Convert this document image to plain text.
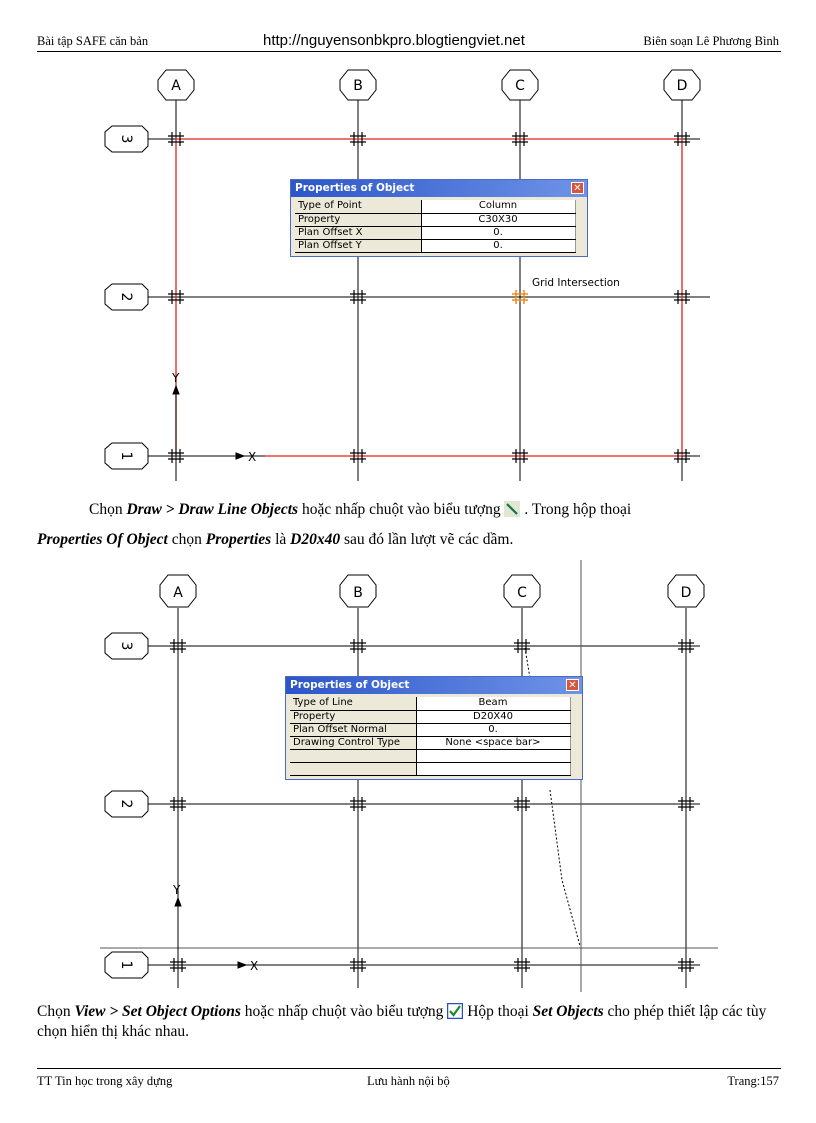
Bài tập SAFE căn bản	http://nguyensonbkpro.blogtiengviet.net	Biên soạn Lê Phương Bình
A	B	C	D
3
2
1
Grid Intersection
Y
X
Properties of Object	✕
Type of Point	Column
Property	C30X30
Plan Offset X	0.
Plan Offset Y	0.
Chọn Draw > Draw Line Objects hoặc nhấp chuột vào biểu tượng  . Trong hộp thoại
Properties Of Object chọn Properties là D20x40 sau đó lần lượt vẽ các dầm.
A	B	C	D
3
2
1
Y
X
Properties of Object	✕
Type of Line	Beam
Property	D20X40
Plan Offset Normal	0.
Drawing Control Type	None <space bar>

Chọn View > Set Object Options hoặc nhấp chuột vào biểu tượng  Hộp thoại Set Objects cho phép thiết lập các tùy chọn hiển thị khác nhau.
TT Tin học trong xây dựng	Lưu hành nội bộ	Trang:157
